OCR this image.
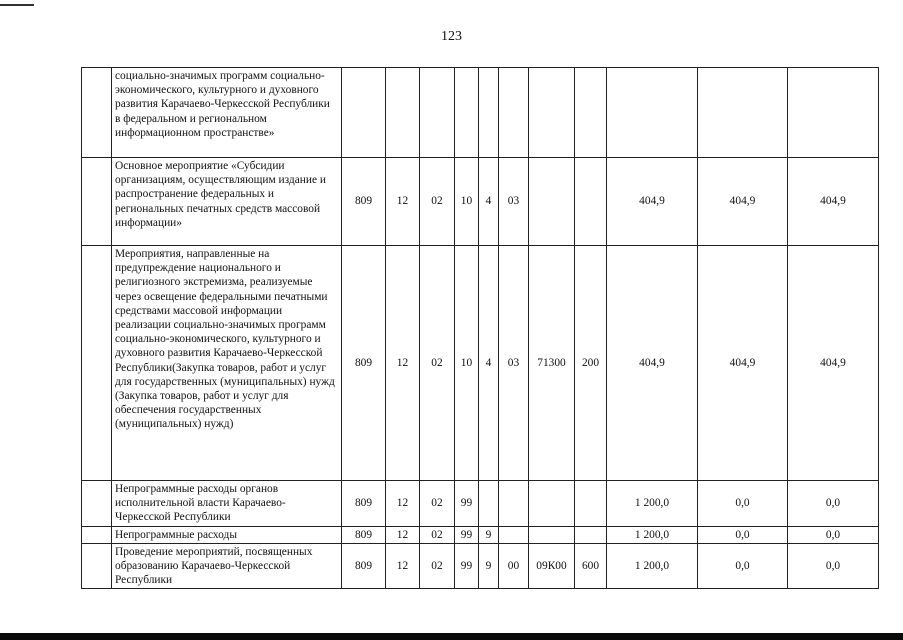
123
	социально-значимых программ социально-экономического, культурного и духовного развития Карачаево-Черкесской Республики в федеральном и региональном информационном пространстве»											
	Основное мероприятие «Субсидии организациям, осуществляющим издание и распространение федеральных и региональных печатных средств массовой информации»	809	12	02	10	4	03			404,9	404,9	404,9
	Мероприятия, направленные на предупреждение национального и религиозного экстремизма, реализуемые через освещение федеральными печатными средствами массовой информации реализации социально-значимых программ социально-экономического, культурного и духовного развития Карачаево-Черкесской Республики(Закупка товаров, работ и услуг для государственных (муниципальных) нужд (Закупка товаров, работ и услуг для обеспечения государственных (муниципальных) нужд)	809	12	02	10	4	03	71300	200	404,9	404,9	404,9
	Непрограммные расходы органов исполнительной власти Карачаево-Черкесской Республики	809	12	02	99					1 200,0	0,0	0,0
	Непрограммные расходы	809	12	02	99	9				1 200,0	0,0	0,0
	Проведение мероприятий, посвященных образованию Карачаево-Черкесской Республики	809	12	02	99	9	00	09К00	600	1 200,0	0,0	0,0
